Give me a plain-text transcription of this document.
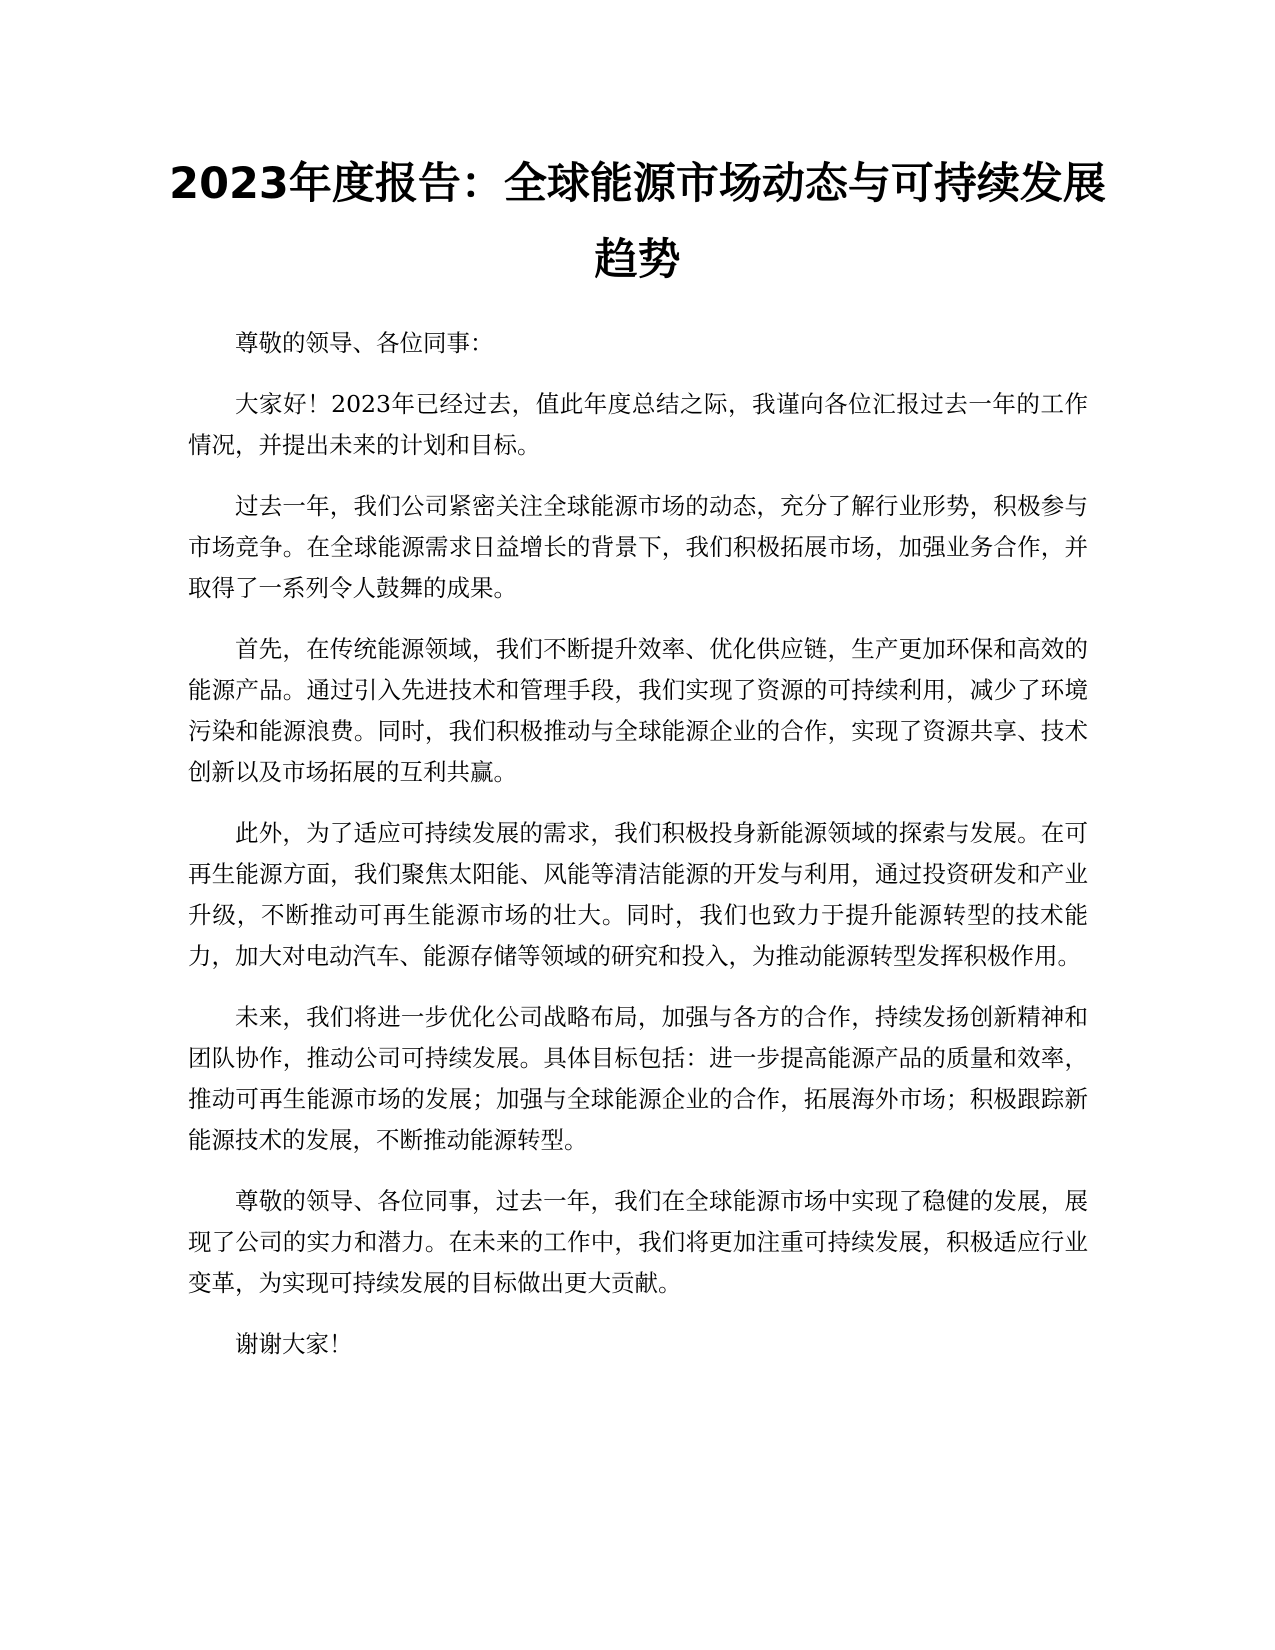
2023年度报告：全球能源市场动态与可持续发展趋势

尊敬的领导、各位同事：

大家好！2023年已经过去，值此年度总结之际，我谨向各位汇报过去一年的工作情况，并提出未来的计划和目标。

过去一年，我们公司紧密关注全球能源市场的动态，充分了解行业形势，积极参与市场竞争。在全球能源需求日益增长的背景下，我们积极拓展市场，加强业务合作，并取得了一系列令人鼓舞的成果。

首先，在传统能源领域，我们不断提升效率、优化供应链，生产更加环保和高效的能源产品。通过引入先进技术和管理手段，我们实现了资源的可持续利用，减少了环境污染和能源浪费。同时，我们积极推动与全球能源企业的合作，实现了资源共享、技术创新以及市场拓展的互利共赢。

此外，为了适应可持续发展的需求，我们积极投身新能源领域的探索与发展。在可再生能源方面，我们聚焦太阳能、风能等清洁能源的开发与利用，通过投资研发和产业升级，不断推动可再生能源市场的壮大。同时，我们也致力于提升能源转型的技术能力，加大对电动汽车、能源存储等领域的研究和投入，为推动能源转型发挥积极作用。

未来，我们将进一步优化公司战略布局，加强与各方的合作，持续发扬创新精神和团队协作，推动公司可持续发展。具体目标包括：进一步提高能源产品的质量和效率，推动可再生能源市场的发展；加强与全球能源企业的合作，拓展海外市场；积极跟踪新能源技术的发展，不断推动能源转型。

尊敬的领导、各位同事，过去一年，我们在全球能源市场中实现了稳健的发展，展现了公司的实力和潜力。在未来的工作中，我们将更加注重可持续发展，积极适应行业变革，为实现可持续发展的目标做出更大贡献。

谢谢大家！
